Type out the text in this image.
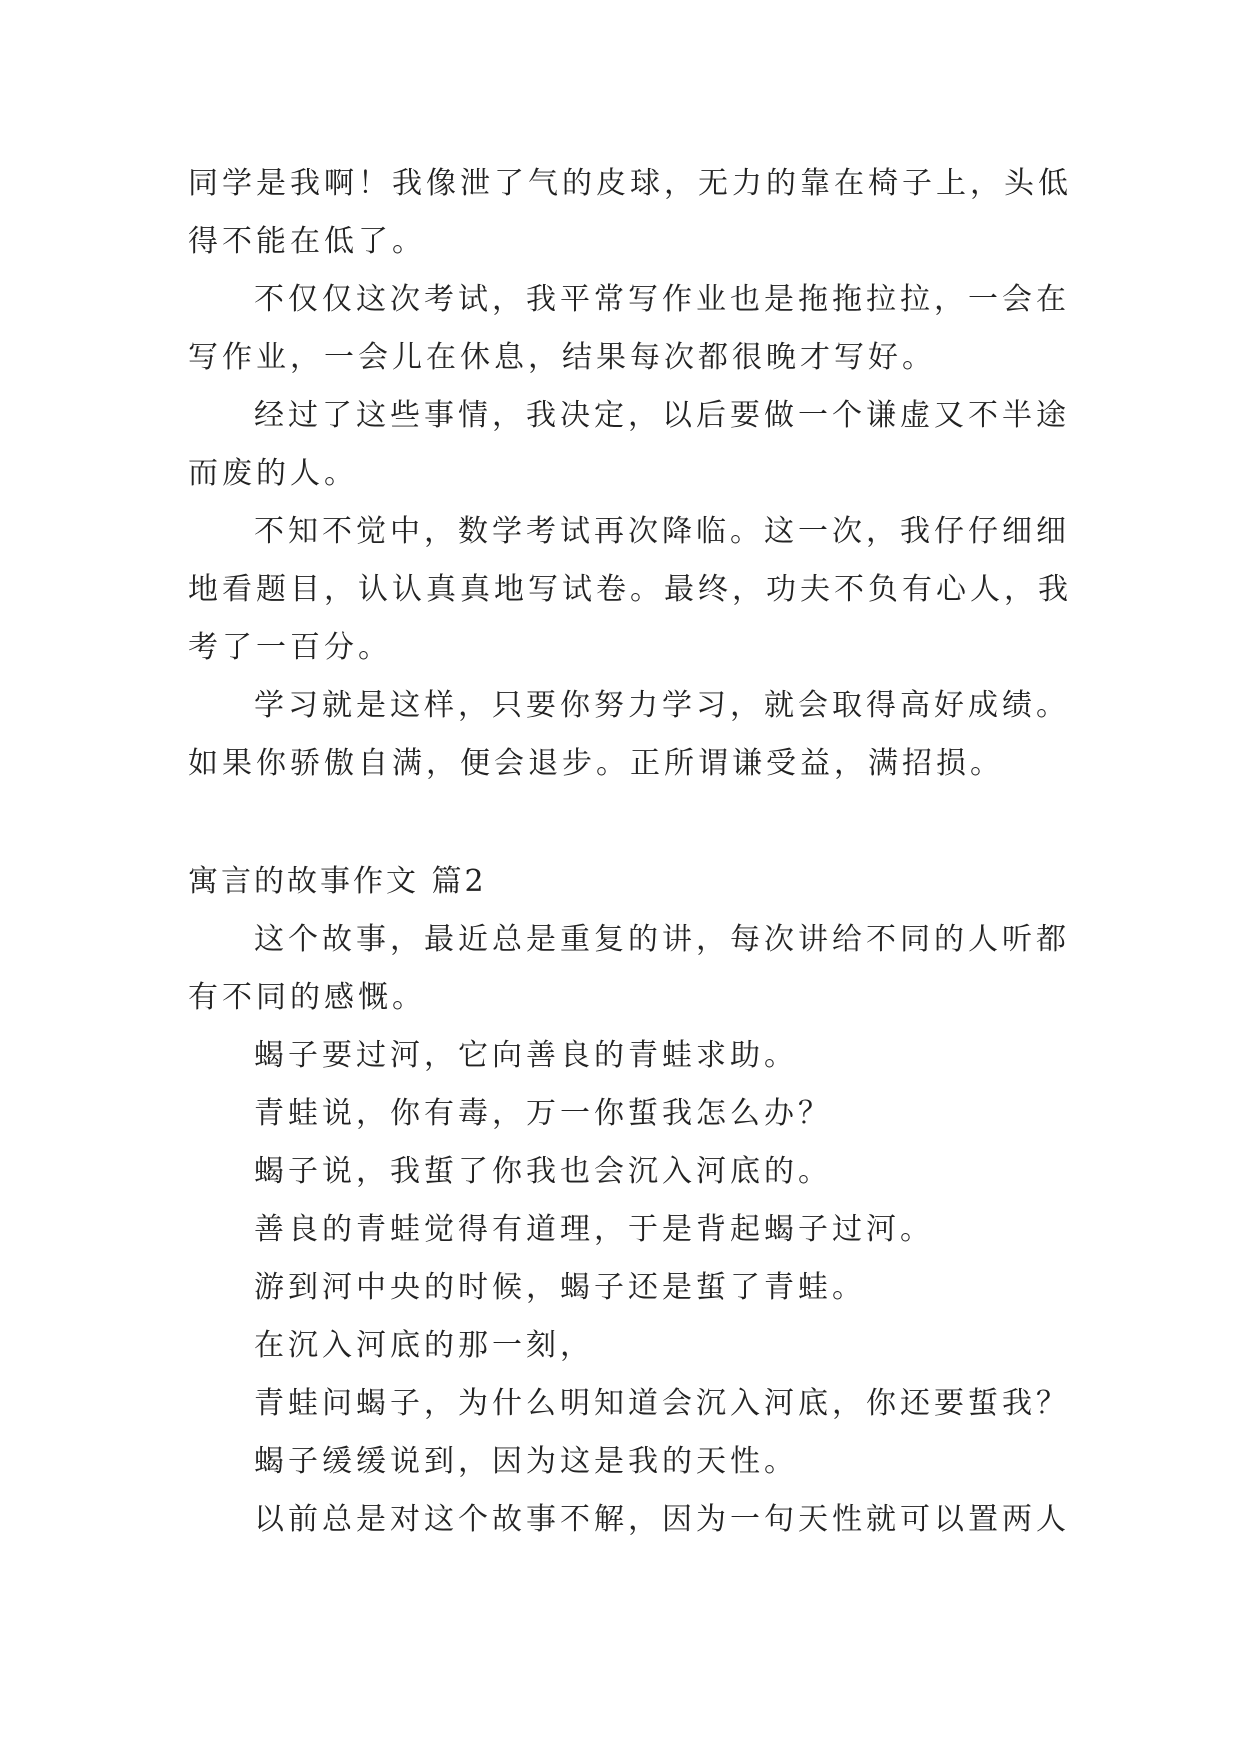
同学是我啊！我像泄了气的皮球，无力的靠在椅子上，头低
得不能在低了。
不仅仅这次考试，我平常写作业也是拖拖拉拉，一会在
写作业，一会儿在休息，结果每次都很晚才写好。
经过了这些事情，我决定，以后要做一个谦虚又不半途
而废的人。
不知不觉中，数学考试再次降临。这一次，我仔仔细细
地看题目，认认真真地写试卷。最终，功夫不负有心人，我
考了一百分。
学习就是这样，只要你努力学习，就会取得高好成绩。
如果你骄傲自满，便会退步。正所谓谦受益，满招损。
寓言的故事作文 篇2
这个故事，最近总是重复的讲，每次讲给不同的人听都
有不同的感慨。
蝎子要过河，它向善良的青蛙求助。
青蛙说，你有毒，万一你蜇我怎么办？
蝎子说，我蜇了你我也会沉入河底的。
善良的青蛙觉得有道理，于是背起蝎子过河。
游到河中央的时候，蝎子还是蜇了青蛙。
在沉入河底的那一刻，
青蛙问蝎子，为什么明知道会沉入河底，你还要蜇我？
蝎子缓缓说到，因为这是我的天性。
以前总是对这个故事不解，因为一句天性就可以置两人
